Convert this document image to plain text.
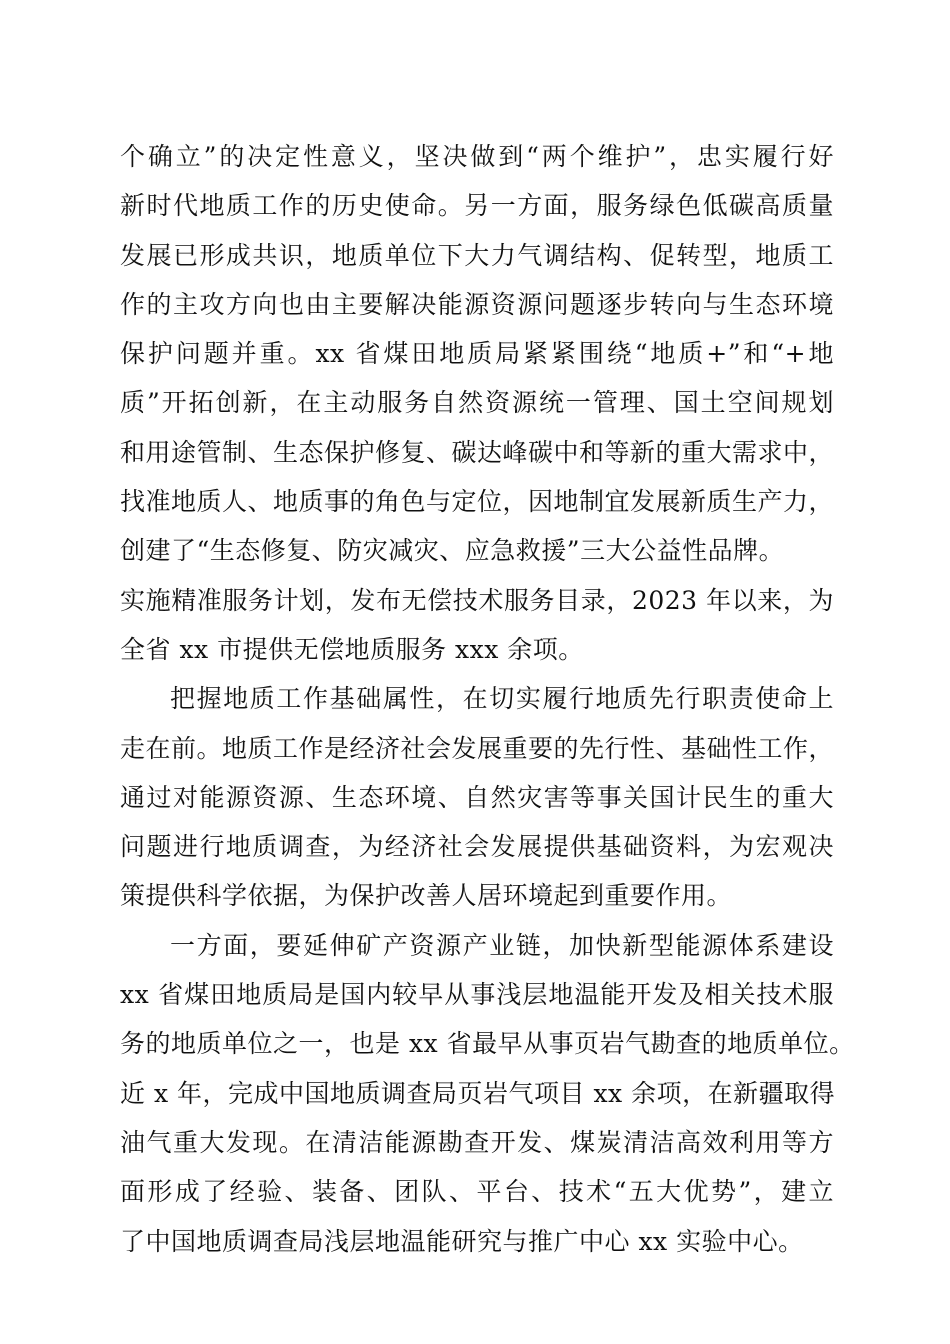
个确立”的决定性意义，坚决做到“两个维护”，忠实履行好
新时代地质工作的历史使命。另一方面，服务绿色低碳高质量
发展已形成共识，地质单位下大力气调结构、促转型，地质工
作的主攻方向也由主要解决能源资源问题逐步转向与生态环境
保护问题并重。xx 省煤田地质局紧紧围绕“地质+”和“+地
质”开拓创新，在主动服务自然资源统一管理、国土空间规划
和用途管制、生态保护修复、碳达峰碳中和等新的重大需求中，
找准地质人、地质事的角色与定位，因地制宜发展新质生产力，
创建了“生态修复、防灾减灾、应急救援”三大公益性品牌。
实施精准服务计划，发布无偿技术服务目录，2023 年以来，为
全省 xx 市提供无偿地质服务 xxx 余项。
把握地质工作基础属性，在切实履行地质先行职责使命上
走在前。地质工作是经济社会发展重要的先行性、基础性工作，
通过对能源资源、生态环境、自然灾害等事关国计民生的重大
问题进行地质调查，为经济社会发展提供基础资料，为宏观决
策提供科学依据，为保护改善人居环境起到重要作用。
一方面，要延伸矿产资源产业链，加快新型能源体系建设
xx 省煤田地质局是国内较早从事浅层地温能开发及相关技术服
务的地质单位之一，也是 xx 省最早从事页岩气勘查的地质单位。
近 x 年，完成中国地质调查局页岩气项目 xx 余项，在新疆取得
油气重大发现。在清洁能源勘查开发、煤炭清洁高效利用等方
面形成了经验、装备、团队、平台、技术“五大优势”，建立
了中国地质调查局浅层地温能研究与推广中心 xx 实验中心。
